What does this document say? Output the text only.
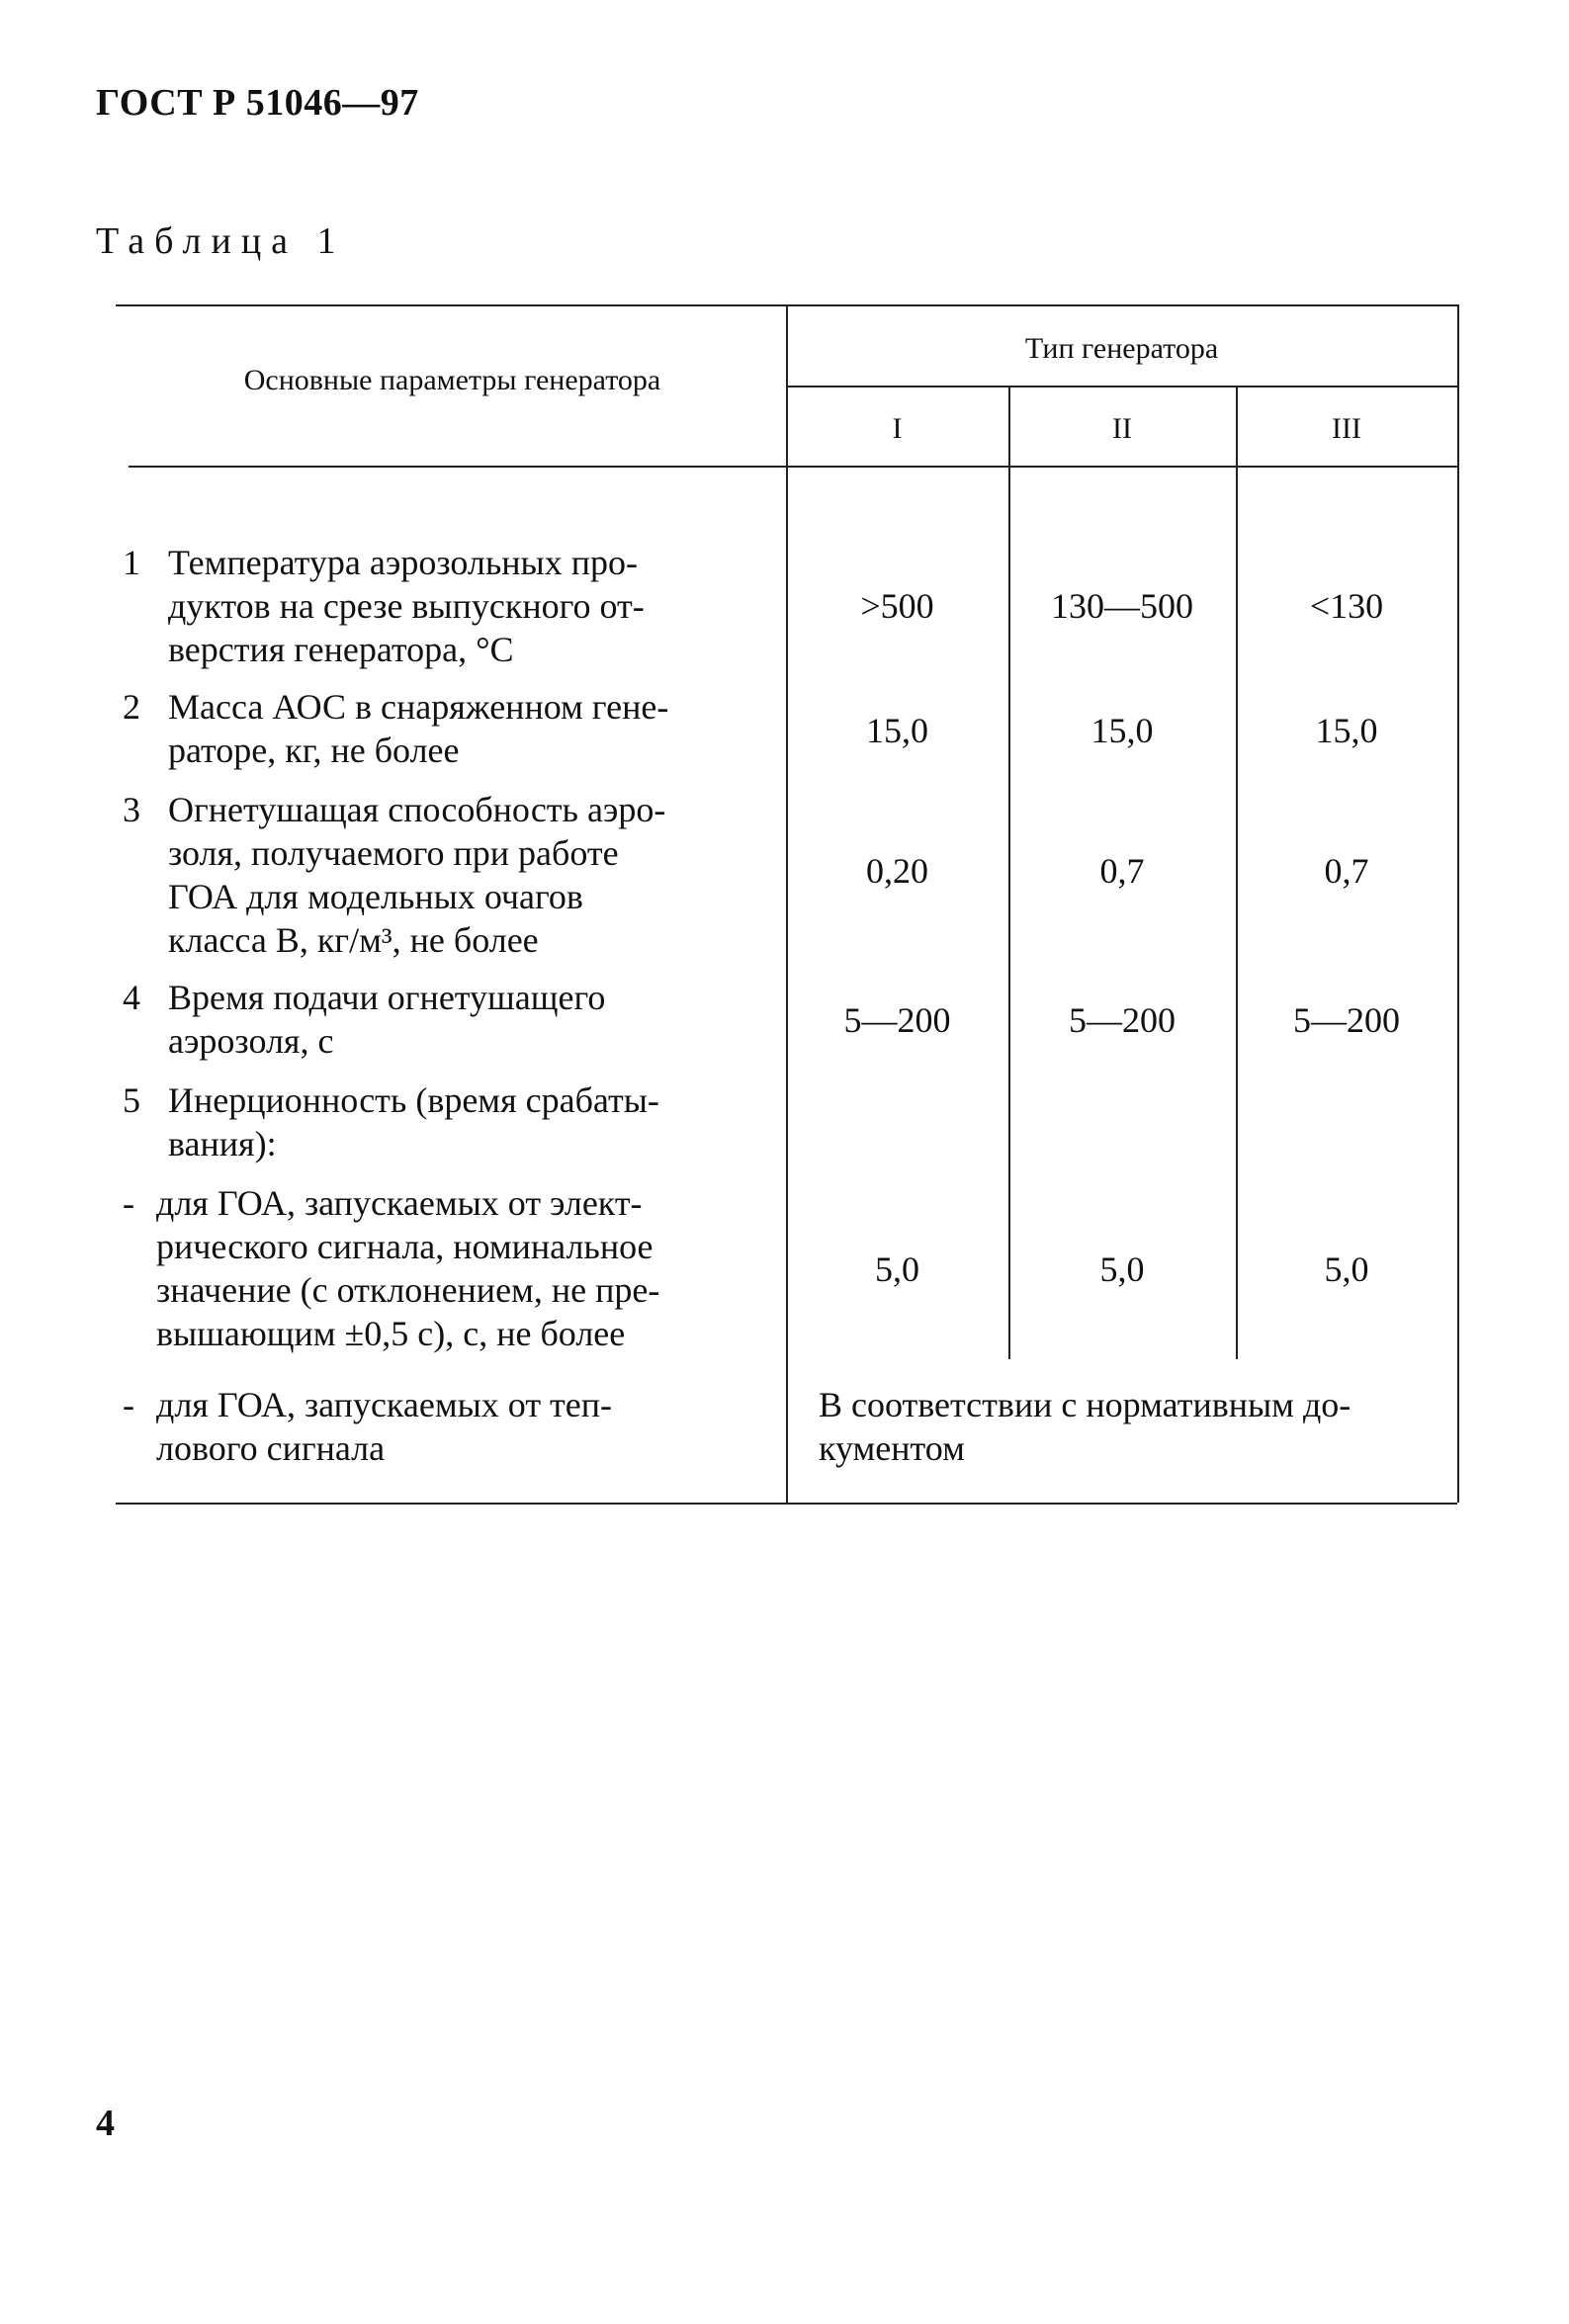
ГОСТ Р 51046—97
Таблица 1
Основные параметры генератора
Тип генератора
I	II	III
1 Температура аэрозольных про-
дуктов на срезе выпускного от-
верстия генератора, °С
>500	130—500	<130
2 Масса АОС в снаряженном гене-
раторе, кг, не более	15,0	15,0	15,0
3 Огнетушащая способность аэро-
золя, получаемого при работе
ГОА для модельных очагов
класса В, кг/м³, не более
0,20	0,7	0,7
4 Время подачи огнетушащего
аэрозоля, с
5—200	5—200	5—200
5 Инерционность (время срабаты-
вания):
- для ГОА, запускаемых от элект-
рического сигнала, номинальное
значение (с отклонением, не пре-
вышающим ±0,5 с), с, не более
5,0	5,0	5,0
- для ГОА, запускаемых от теп-
лового сигнала
В соответствии с нормативным до-
кументом
4
